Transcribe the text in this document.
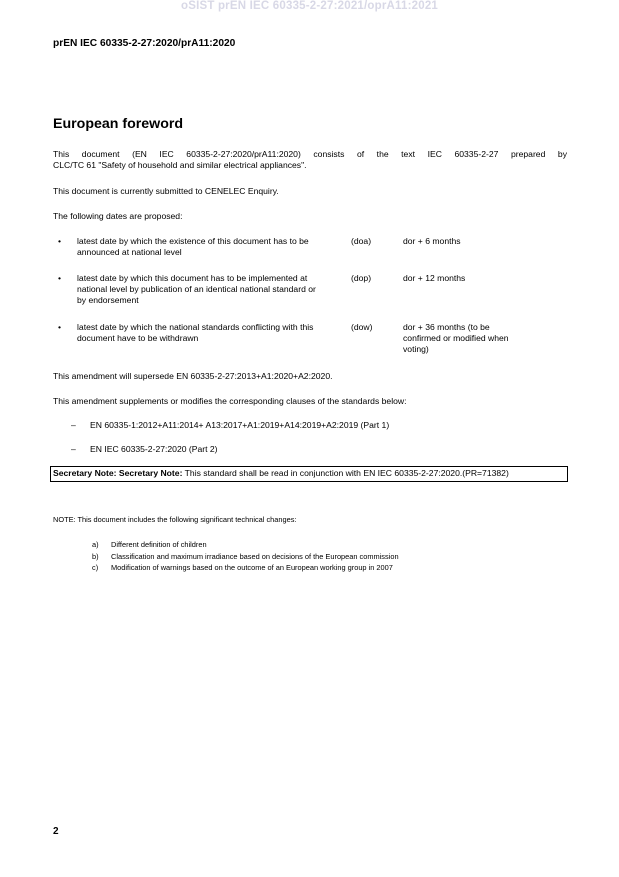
oSIST prEN IEC 60335-2-27:2021/oprA11:2021
prEN IEC 60335-2-27:2020/prA11:2020
European foreword
This document (EN IEC 60335-2-27:2020/prA11:2020) consists of the text IEC 60335-2-27 prepared by
CLC/TC 61 "Safety of household and similar electrical appliances".
This document is currently submitted to CENELEC Enquiry.
The following dates are proposed:
• latest date by which the existence of this document has to be announced at national level
(doa)	dor + 6 months
• latest date by which this document has to be implemented at national level by publication of an identical national standard or by endorsement
(dop)	dor + 12 months
• latest date by which the national standards conflicting with this document have to be withdrawn
(dow)	dor + 36 months (to be confirmed or modified when voting)
This amendment will supersede EN 60335-2-27:2013+A1:2020+A2:2020.
This amendment supplements or modifies the corresponding clauses of the standards below:
– EN 60335-1:2012+A11:2014+ A13:2017+A1:2019+A14:2019+A2:2019 (Part 1)
– EN IEC 60335-2-27:2020 (Part 2)
Secretary Note: Secretary Note: This standard shall be read in conjunction with EN IEC 60335-2-27:2020.(PR=71382)
NOTE: This document includes the following significant technical changes:
a) Different definition of children
b) Classification and maximum irradiance based on decisions of the European commission
c) Modification of warnings based on the outcome of an European working group in 2007
2
